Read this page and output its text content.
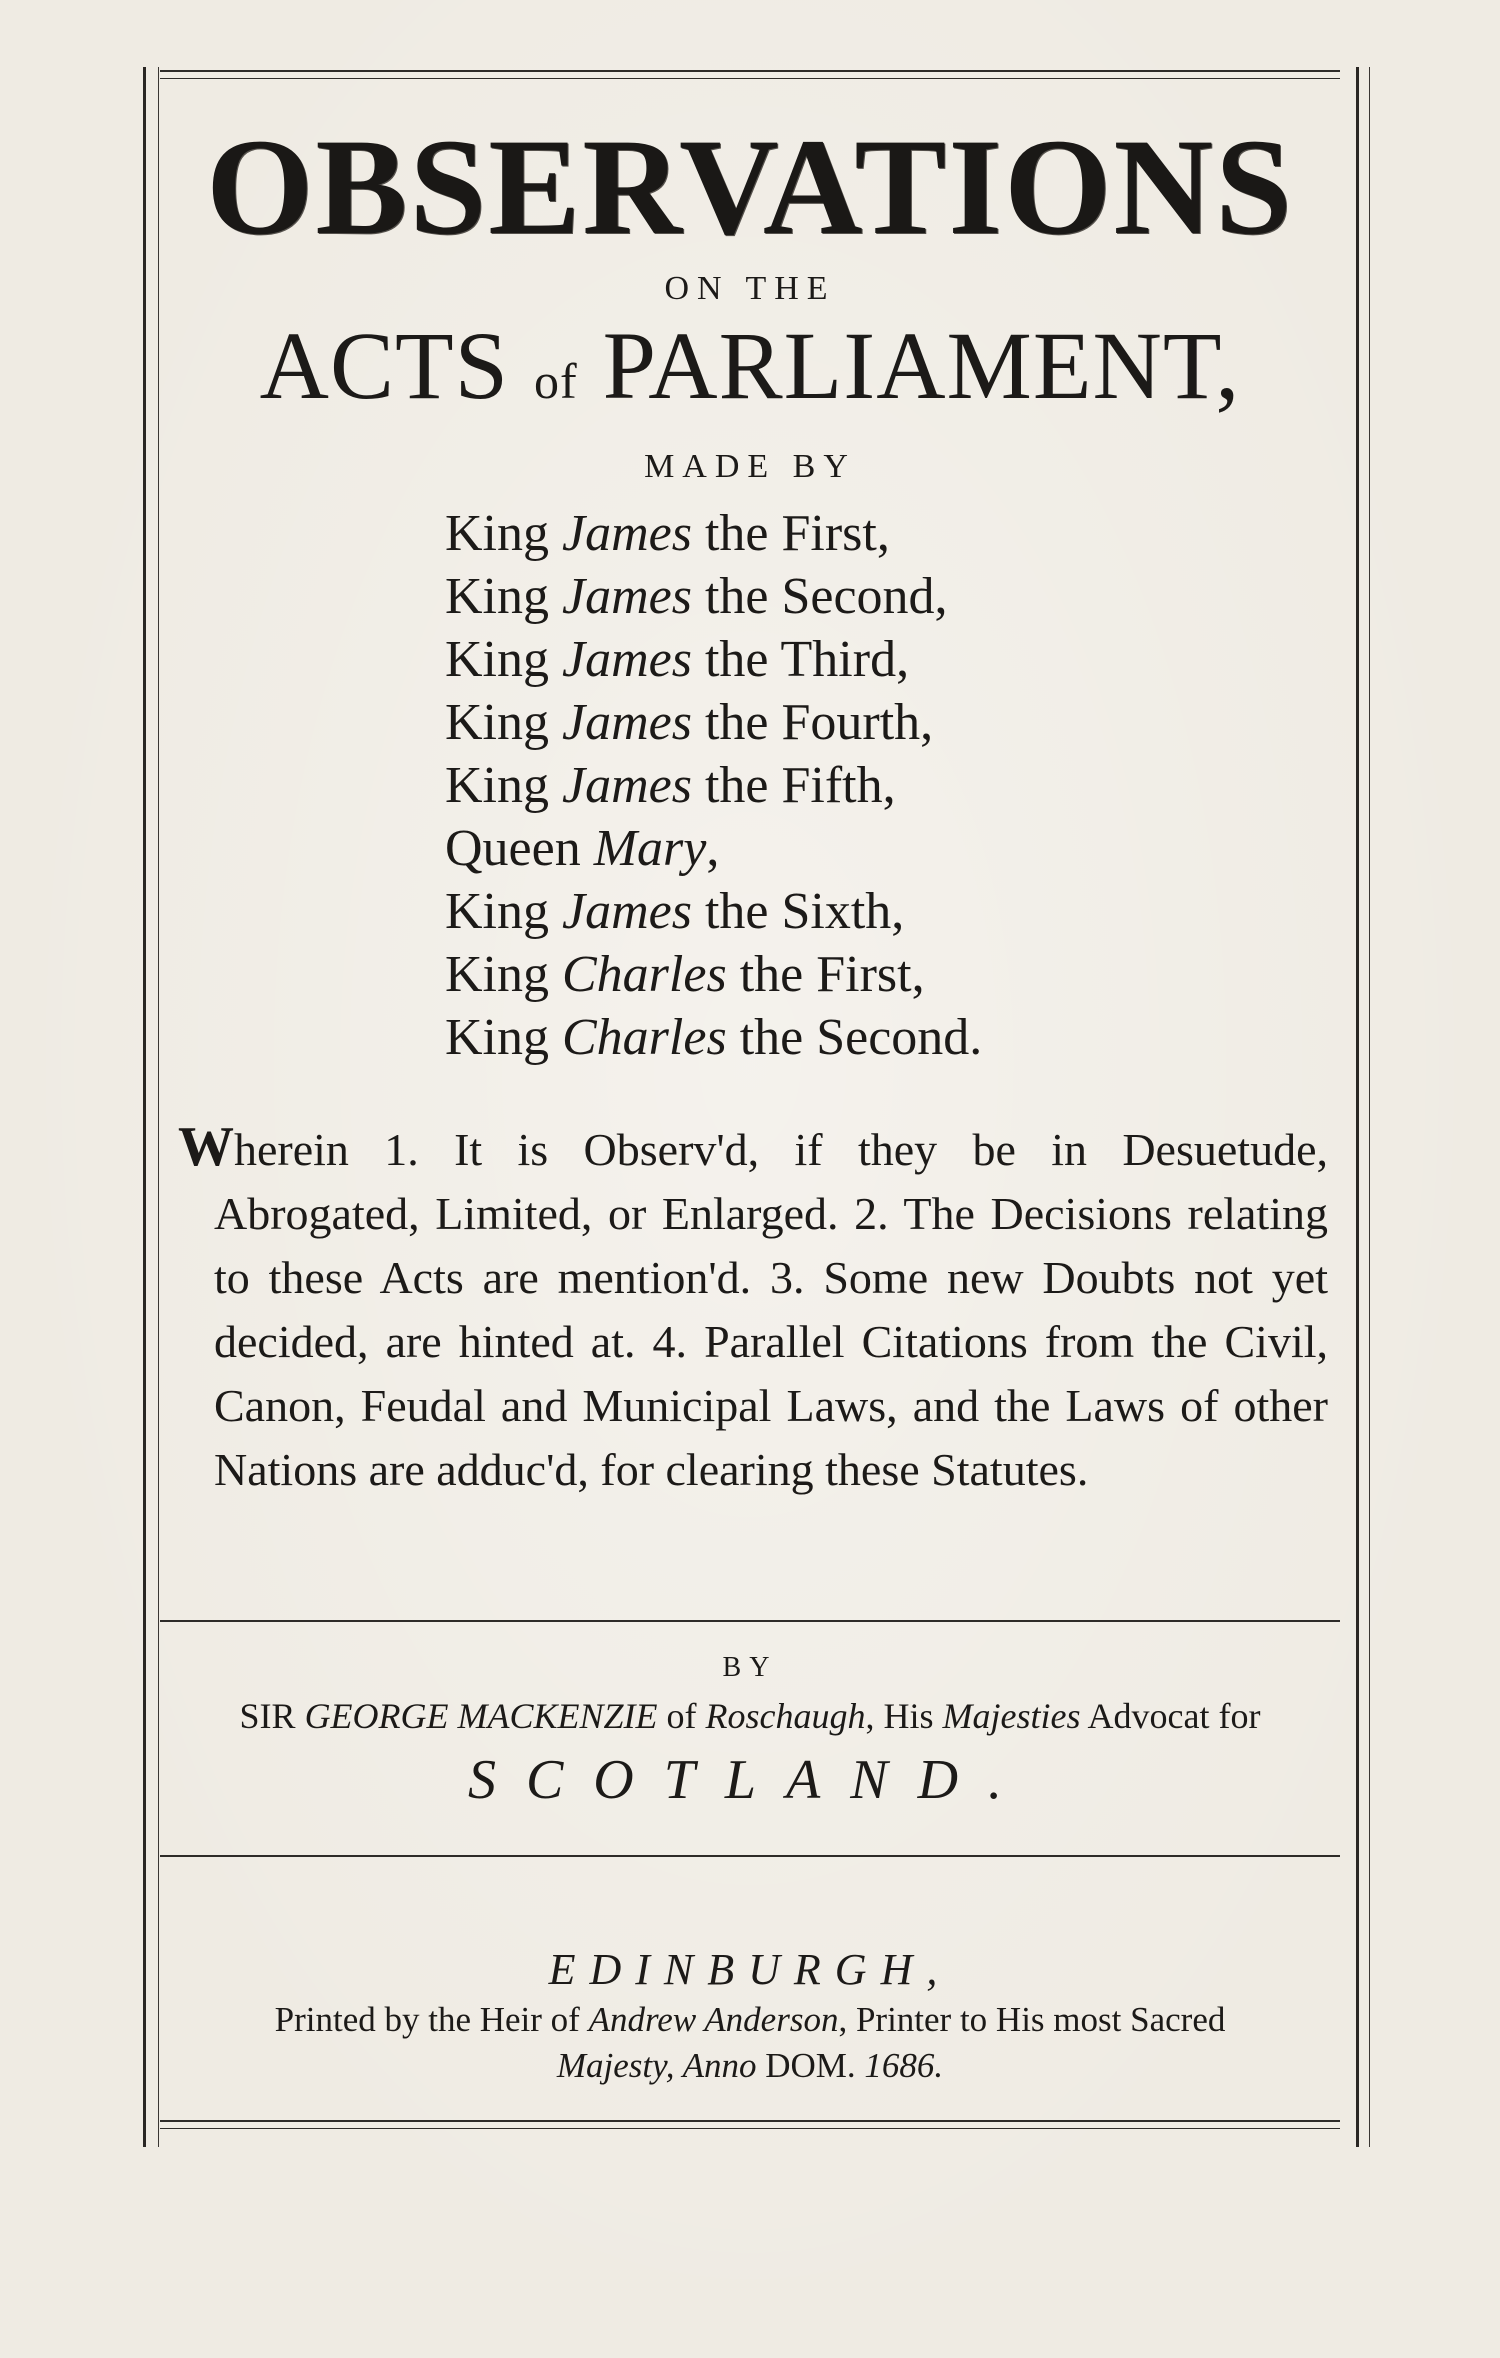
OBSERVATIONS
ON THE
ACTS of PARLIAMENT,
MADE BY
King James the First,
King James the Second,
King James the Third,
King James the Fourth,
King James the Fifth,
Queen Mary,
King James the Sixth,
King Charles the First,
King Charles the Second.

Wherein 1. It is Observ'd, if they be in Desuetude, Abrogated, Limited, or Enlarged. 2. The Decisions relating to these Acts are mention'd. 3. Some new Doubts not yet decided, are hinted at. 4. Parallel Citations from the Civil, Canon, Feudal and Municipal Laws, and the Laws of other Nations are adduc'd, for clearing these Statutes.

BY
SIR GEORGE MACKENZIE of Roschaugh, His Majesties Advocat for
SCOTLAND.
EDINBURGH,
Printed by the Heir of Andrew Anderson, Printer to His most Sacred
Majesty, Anno DOM. 1686.
